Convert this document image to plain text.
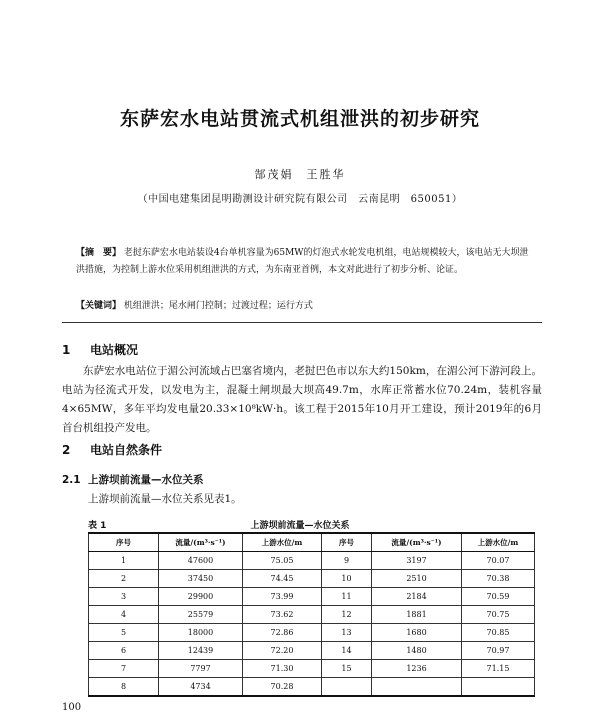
东萨宏水电站贯流式机组泄洪的初步研究
郜茂娟　王胜华
（中国电建集团昆明勘测设计研究院有限公司　云南昆明　650051）
【摘　要】 老挝东萨宏水电站装设4台单机容量为65MW的灯泡式水轮发电机组，电站规模较大，该电站无大坝泄洪措施，为控制上游水位采用机组泄洪的方式，为东南亚首例，本文对此进行了初步分析、论证。
【关键词】 机组泄洪；尾水闸门控制；过渡过程；运行方式
1 电站概况
东萨宏水电站位于湄公河流域占巴塞省境内，老挝巴色市以东大约150km，在湄公河下游河段上。电站为径流式开发，以发电为主，混凝土闸坝最大坝高49.7m，水库正常蓄水位70.24m，装机容量4×65MW，多年平均发电量20.33×10⁸kW·h。该工程于2015年10月开工建设，预计2019年的6月首台机组投产发电。
2 电站自然条件
2.1 上游坝前流量—水位关系
上游坝前流量—水位关系见表1。
上游坝前流量—水位关系
表 1
序号	流量/(m³·s⁻¹)	上游水位/m	序号	流量/(m³·s⁻¹)	上游水位/m
1	47600	75.05	9	3197	70.07
2	37450	74.45	10	2510	70.38
3	29900	73.99	11	2184	70.59
4	25579	73.62	12	1881	70.75
5	18000	72.86	13	1680	70.85
6	12439	72.20	14	1480	70.97
7	7797	71.30	15	1236	71.15
8	4734	70.28			
100
